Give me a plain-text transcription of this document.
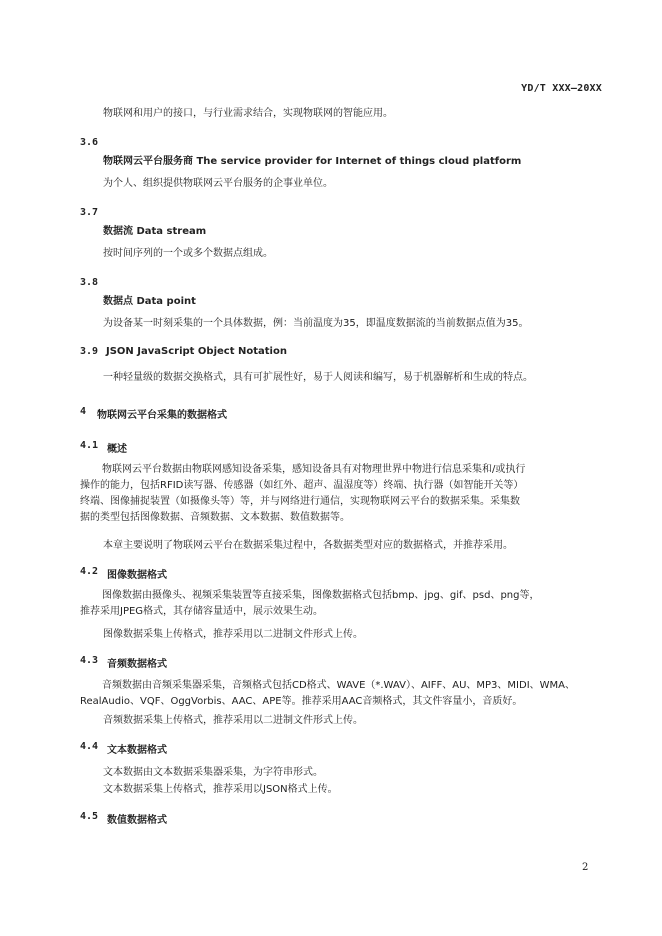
YD/T XXX—20XX
物联网和用户的接口，与行业需求结合，实现物联网的智能应用。
3.6
物联网云平台服务商 The service provider for Internet of things cloud platform
为个人、组织提供物联网云平台服务的企事业单位。
3.7
数据流 Data stream
按时间序列的一个或多个数据点组成。
3.8
数据点 Data point
为设备某一时刻采集的一个具体数据，例：当前温度为35，即温度数据流的当前数据点值为35。
3.9 JSON JavaScript Object Notation
一种轻量级的数据交换格式，具有可扩展性好，易于人阅读和编写，易于机器解析和生成的特点。
4 物联网云平台采集的数据格式
4.1 概述
物联网云平台数据由物联网感知设备采集，感知设备具有对物理世界中物进行信息采集和/或执行
操作的能力，包括RFID读写器、传感器（如红外、超声、温湿度等）终端、执行器（如智能开关等）
终端、图像捕捉装置（如摄像头等）等，并与网络进行通信，实现物联网云平台的数据采集。采集数
据的类型包括图像数据、音频数据、文本数据、数值数据等。
本章主要说明了物联网云平台在数据采集过程中，各数据类型对应的数据格式，并推荐采用。
4.2 图像数据格式
图像数据由摄像头、视频采集装置等直接采集，图像数据格式包括bmp、jpg、gif、psd、png等，
推荐采用JPEG格式，其存储容量适中，展示效果生动。
图像数据采集上传格式，推荐采用以二进制文件形式上传。
4.3 音频数据格式
音频数据由音频采集器采集，音频格式包括CD格式、WAVE（*.WAV）、AIFF、AU、MP3、MIDI、WMA、
RealAudio、VQF、OggVorbis、AAC、APE等。推荐采用AAC音频格式，其文件容量小，音质好。
音频数据采集上传格式，推荐采用以二进制文件形式上传。
4.4 文本数据格式
文本数据由文本数据采集器采集，为字符串形式。
文本数据采集上传格式，推荐采用以JSON格式上传。
4.5 数值数据格式
2
